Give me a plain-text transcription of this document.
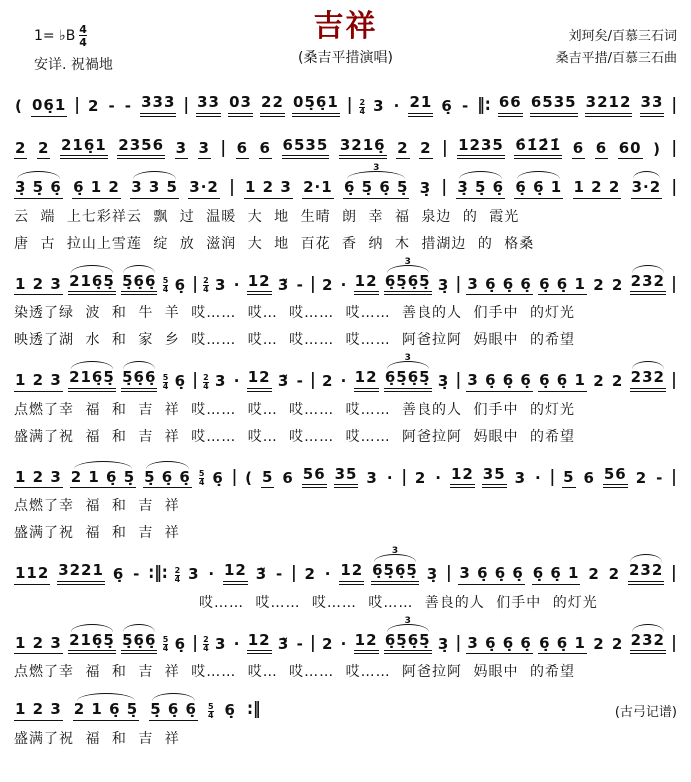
1= ♭B $\frac{4}{4}$
安详. 祝禍地
吉祥
(桑吉平措演唱)
刘珂矣/百慕三石词
桑吉平措/百慕三石曲
( 06̣1 | 2 - - 333 | 33 03 22 05̣6̣1 | $\frac{2}{4} 3 \cdot 21$ 6̣ - ‖: 66 6535 3212 33 |
2 2 216̣1 2356 3 3 | 6 6 6535 3216̣ 2 2 | 1235 6̇1̇2̇1̇ 6 6 60 ) |
3̣ 5̣ 6̣ 6̣ 1 2 3 3 5 3·2 | 1 2 3 2·1 6̣ 5̣ 6̣ 5̣
3
3̣ | 3̣ 5̣ 6̣ 6̣ 6̣ 1 1 2 2 3·2 |
云 端 上七彩祥云 飘 过 温暖 大 地 生晴 朗 幸 福 泉边 的 霞光
唐 古 拉山上雪莲 绽 放 滋润 大 地 百花 香 纳 木 措湖边 的 格桑
1 2 3 216̣5̣ 5̣6̣6̣ $\frac{5}{4}$ 6̣ | $\frac{2}{4} 3 \cdot 12$ 3̃ - | 2 · 12 6̣5̣6̣5̣
3
3̣ | 3 6̣ 6̣ 6̣ 6̣ 6̣ 1 2 2 232 |
染透了绿 波 和 牛 羊 哎…… 哎… 哎…… 哎…… 善良的人 们手中 的灯光
映透了湖 水 和 家 乡 哎…… 哎… 哎…… 哎…… 阿爸拉阿 妈眼中 的希望
1 2 3 216̣5̣ 5̣6̣6̣ $\frac{5}{4}$ 6̣ | $\frac{2}{4} 3 \cdot 12$ 3̃ - | 2 · 12 6̣5̣6̣5̣
3
3̣ | 3 6̣ 6̣ 6̣ 6̣ 6̣ 1 2 2 232 |
点燃了幸 福 和 吉 祥 哎…… 哎… 哎…… 哎…… 善良的人 们手中 的灯光
盛满了祝 福 和 吉 祥 哎…… 哎… 哎…… 哎…… 阿爸拉阿 妈眼中 的希望
1 2 3 2 1 6̣ 5̣ 5̣ 6̣ 6̣ $\frac{5}{4}$ 6̣ | ( 5 6 56 35 3 · | 2 · 12 35 3 · | 5 6 56 2 - |
点燃了幸 福 和 吉 祥
盛满了祝 福 和 吉 祥
112 3221 6̣ - :‖: $\frac{2}{4} 3 \cdot 12$ 3̃ - | 2 · 12 6̣5̣6̣5̣
3
3̣ | 3 6̣ 6̣ 6̣ 6̣ 6̣ 1 2 2 232 |
哎…… 哎…… 哎…… 哎…… 善良的人 们手中 的灯光
1 2 3 216̣5̣ 5̣6̣6̣ $\frac{5}{4}$ 6̣ | $\frac{2}{4} 3 \cdot 12$ 3̃ - | 2 · 12 6̣5̣6̣5̣
3
3̣ | 3 6̣ 6̣ 6̣ 6̣ 6̣ 1 2 2 232 |
点燃了幸 福 和 吉 祥 哎…… 哎… 哎…… 哎…… 阿爸拉阿 妈眼中 的希望
1 2 3 2 1 6̣ 5̣ 5̣ 6̣ 6̣ $\frac{5}{4}$ 6̣ :‖	(古弓记谱)
盛满了祝 福 和 吉 祥
